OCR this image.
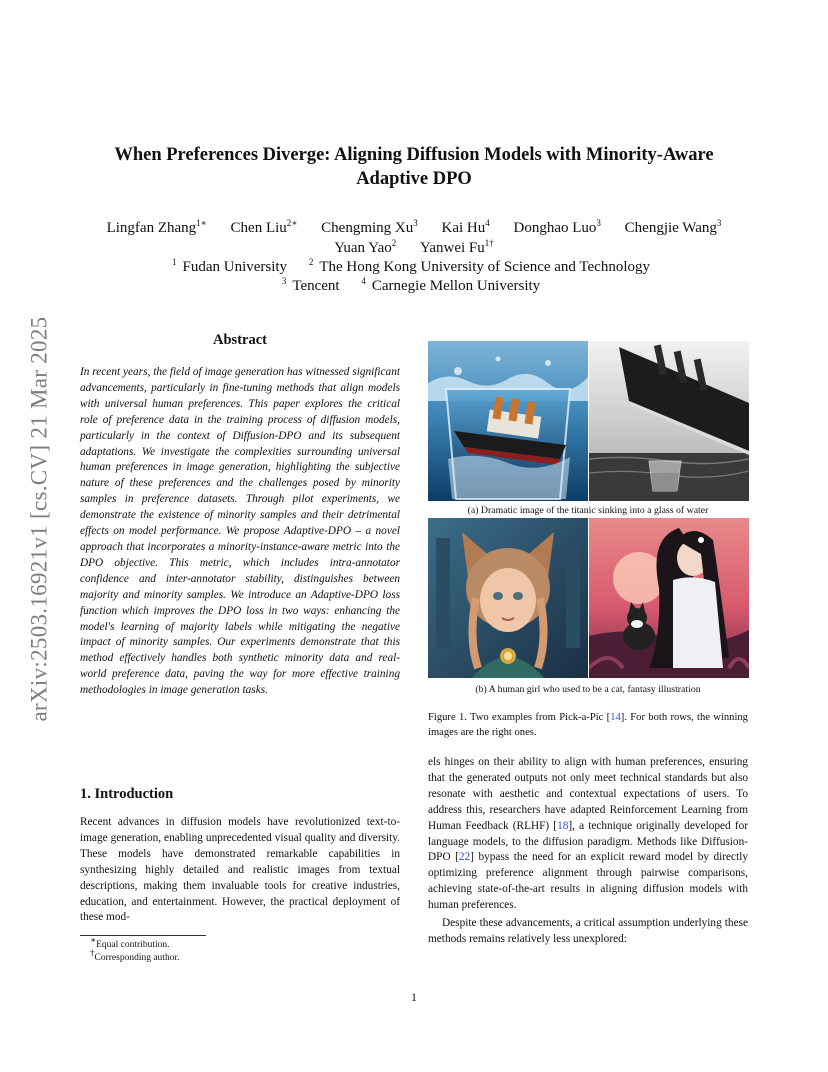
arXiv:2503.16921v1 [cs.CV] 21 Mar 2025
When Preferences Diverge: Aligning Diffusion Models with Minority-Aware
Adaptive DPO
Lingfan Zhang$^{1∗}$ Chen Liu$^{2∗}$ Chengming Xu$^3$ Kai Hu$^4$ Donghao Luo$^3$ Chengjie Wang$^3$
Yuan Yao$^2$ Yanwei $Fu^{1\dagger}$
$^1$ Fudan University $^2$ The Hong Kong University of Science and Technology
$^3$ Tencent $^4$ Carnegie Mellon University
Abstract
In recent years, the field of image generation has witnessed significant advancements, particularly in fine-tuning methods that align models with universal human preferences. This paper explores the critical role of preference data in the training process of diffusion models, particularly in the context of Diffusion-DPO and its subsequent adaptations. We investigate the complexities surrounding universal human preferences in image generation, highlighting the subjective nature of these preferences and the challenges posed by minority samples in preference datasets. Through pilot experiments, we demonstrate the existence of minority samples and their detrimental effects on model performance. We propose Adaptive-DPO – a novel approach that incorporates a minority-instance-aware metric into the DPO objective. This metric, which includes intra-annotator confidence and inter-annotator stability, distinguishes between majority and minority samples. We introduce an Adaptive-DPO loss function which improves the DPO loss in two ways: enhancing the model's learning of majority labels while mitigating the negative impact of minority samples. Our experiments demonstrate that this method effectively handles both synthetic minority data and real-world preference data, paving the way for more effective training methodologies in image generation tasks.
1. Introduction
Recent advances in diffusion models have revolutionized text-to-image generation, enabling unprecedented visual quality and diversity. These models have demonstrated remarkable capabilities in synthesizing highly detailed and realistic images from textual descriptions, making them invaluable tools for creative industries, education, and entertainment. However, the practical deployment of these mod-
∗Equal contribution.
†Corresponding author.
(a) Dramatic image of the titanic sinking into a glass of water
(b) A human girl who used to be a cat, fantasy illustration
Figure 1. Two examples from Pick-a-Pic [14]. For both rows, the winning images are the right ones.

els hinges on their ability to align with human preferences, ensuring that the generated outputs not only meet technical standards but also resonate with aesthetic and contextual expectations of users. To address this, researchers have adapted Reinforcement Learning from Human Feedback (RLHF) [18], a technique originally developed for language models, to the diffusion paradigm. Methods like Diffusion-DPO [22] bypass the need for an explicit reward model by directly optimizing preference alignment through pairwise comparisons, achieving state-of-the-art results in aligning diffusion models with human preferences.

Despite these advancements, a critical assumption underlying these methods remains relatively less unexplored:

1
